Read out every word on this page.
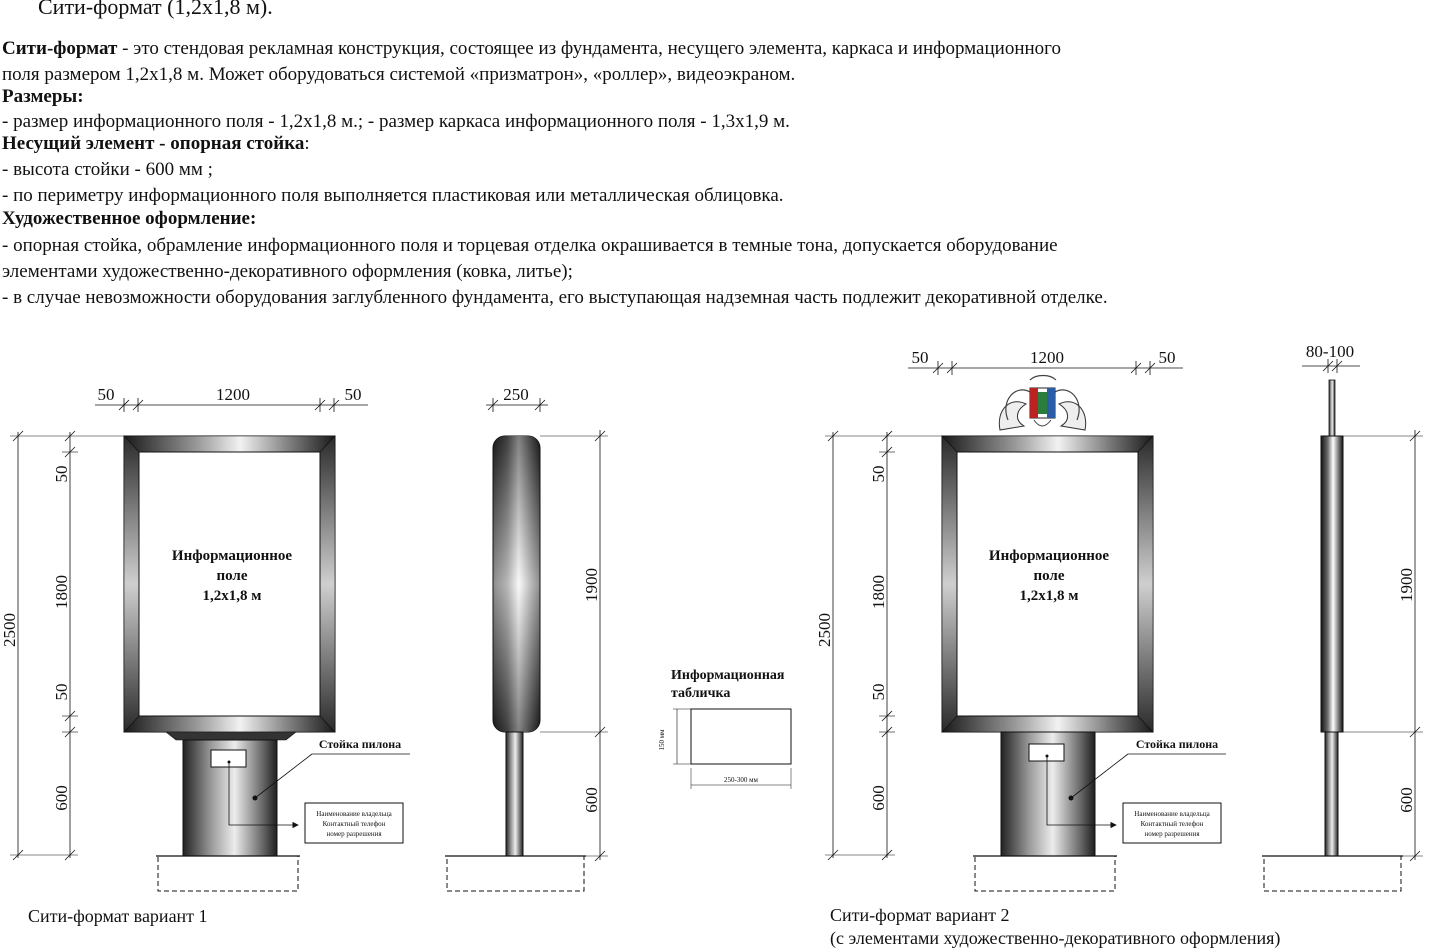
Сити-формат (1,2х1,8 м).
Сити-формат - это стендовая рекламная конструкция, состоящее из фундамента, несущего элемента, каркаса и информационного
поля размером 1,2х1,8 м. Может оборудоваться системой «призматрон», «роллер», видеоэкраном.
Размеры:
- размер информационного поля - 1,2х1,8 м.; - размер каркаса информационного поля - 1,3х1,9 м.
Несущий элемент - опорная стойка:
- высота стойки - 600 мм ;
- по периметру информационного поля выполняется пластиковая или металлическая облицовка.
Художественное оформление:
- опорная стойка, обрамление информационного поля и торцевая отделка окрашивается в темные тона, допускается оборудование
элементами художественно-декоративного оформления (ковка, литье);
- в случае невозможности оборудования заглубленного фундамента, его выступающая надземная часть подлежит декоративной отделке.
50	1200	50
50
1800
50
600
2500
Информационное
поле
1,2х1,8 м
Стойка пилона
Наименование владельца
Контактный телефон
номер разрешения
250
1900
600
Информационная
табличка
150 мм
250-300 мм
50	1200	50
50
1800
50
600
2500
Информационное
поле
1,2х1,8 м
Стойка пилона
Наименование владельца
Контактный телефон
номер разрешения
80-100
1900
600
Сити-формат вариант 1	Сити-формат вариант 2
(с элементами художественно-декоративного оформления)
